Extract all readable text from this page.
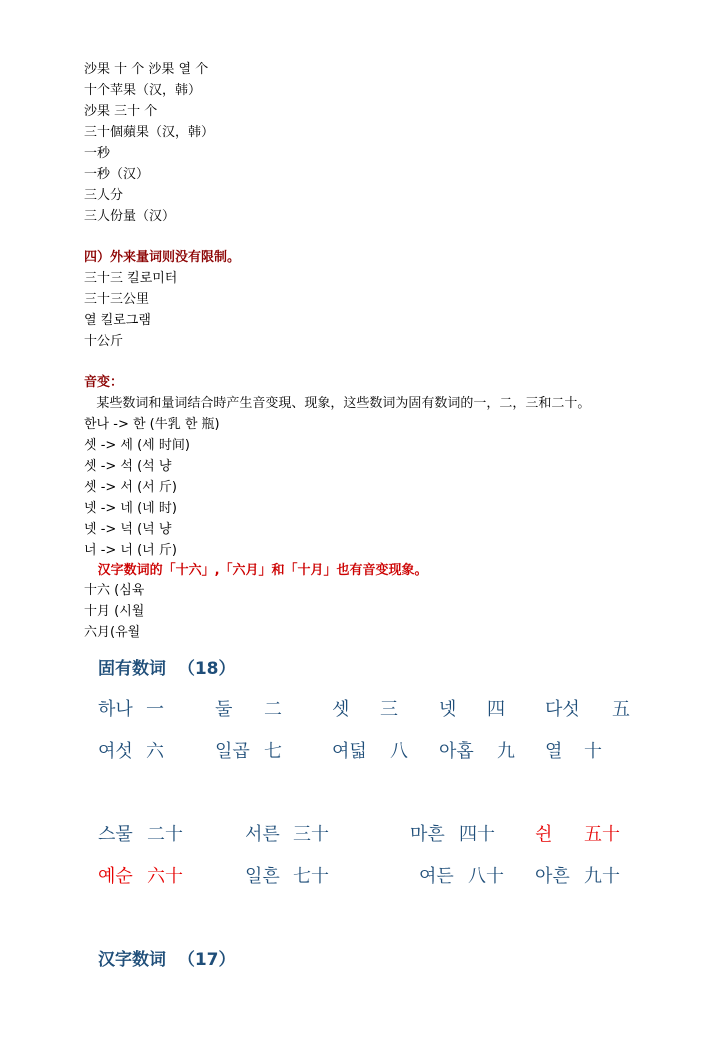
沙果 十 个 沙果 열 个
十个苹果（汉，韩）
沙果 三十 个
三十個蘋果（汉，韩）
一秒
一秒（汉）
三人分
三人份量（汉）
四）外来量词则没有限制。
三十三 킬로미터
三十三公里
열 킬로그램
十公斤
音变：
某些数词和量词结合時产生音变現、现象，这些数词为固有数词的一，二，三和二十。
한나 -> 한 (牛乳 한 瓶)
셋 -> 세 (세 时间)
셋 -> 석 (석 냥
셋 -> 서 (서 斤)
넷 -> 네 (네 时)
넷 -> 넉 (넉 냥
너 -> 너 (너 斤)
汉字数词的「十六」,「六月」和「十月」也有音变现象。
十六 (심육
十月 (시월
六月(유월
固有数词  （18）
하나 一	둘 二	셋 三 넷 四 다섯 五
여섯 六	일곱 七	여덟 八 아홉 九 열 十
스물 二十	서른 三十	마흔 四十 쉰 五十
예순 六十	일흔 七十	여든 八十 아흔 九十
汉字数词  （17）
